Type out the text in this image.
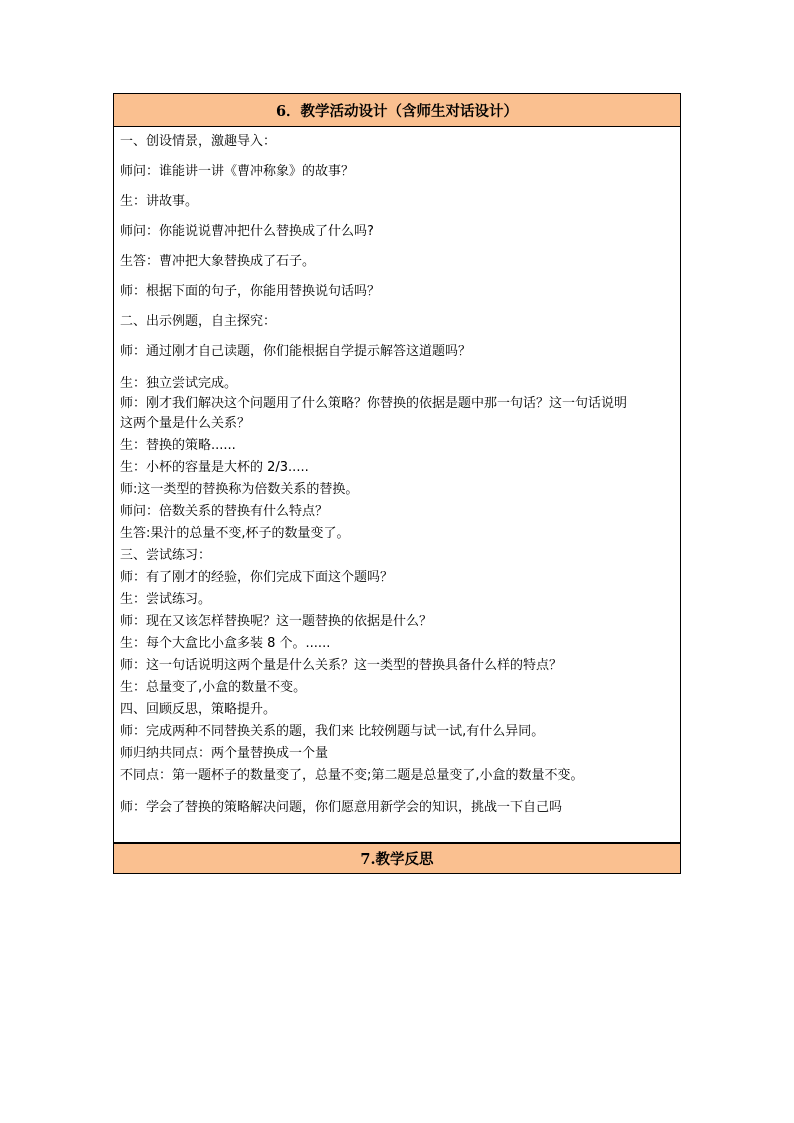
6．教学活动设计（含师生对话设计）
一、创设情景，激趣导入：
师问：谁能讲一讲《曹冲称象》的故事？
生：讲故事。
师问：你能说说曹冲把什么替换成了什么吗?
生答：曹冲把大象替换成了石子。
师：根据下面的句子，你能用替换说句话吗？
二、出示例题，自主探究：
师：通过刚才自己读题，你们能根据自学提示解答这道题吗？
生：独立尝试完成。
师：刚才我们解决这个问题用了什么策略？你替换的依据是题中那一句话？这一句话说明
这两个量是什么关系？
生：替换的策略......
生：小杯的容量是大杯的 2/3.....
师:这一类型的替换称为倍数关系的替换。
师问：倍数关系的替换有什么特点？
生答:果汁的总量不变,杯子的数量变了。
三、尝试练习：
师：有了刚才的经验，你们完成下面这个题吗？
生：尝试练习。
师：现在又该怎样替换呢？这一题替换的依据是什么？
生：每个大盒比小盒多装 8 个。......
师：这一句话说明这两个量是什么关系？这一类型的替换具备什么样的特点？
生：总量变了,小盒的数量不变。
四、回顾反思，策略提升。
师：完成两种不同替换关系的题，我们来 比较例题与试一试,有什么异同。
师归纳共同点：两个量替换成一个量
不同点：第一题杯子的数量变了，总量不变;第二题是总量变了,小盒的数量不变。
师：学会了替换的策略解决问题，你们愿意用新学会的知识，挑战一下自己吗
7.教学反思
